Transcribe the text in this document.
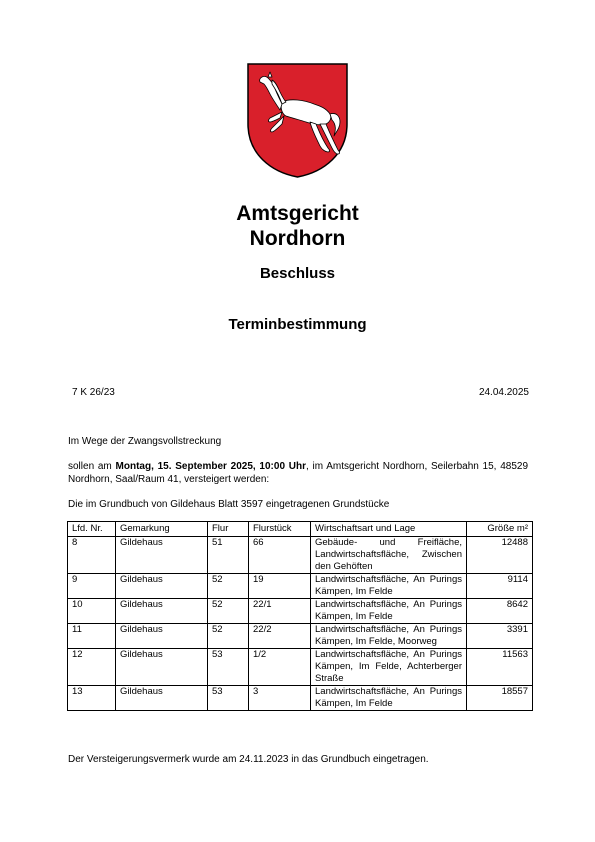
Amtsgericht
Nordhorn
Beschluss
Terminbestimmung
7 K 26/23	24.04.2025
Im Wege der Zwangsvollstreckung
sollen am Montag, 15. September 2025, 10:00 Uhr, im Amtsgericht Nordhorn, Seilerbahn 15, 48529 Nordhorn, Saal/Raum 41, versteigert werden:
Die im Grundbuch von Gildehaus Blatt 3597 eingetragenen Grundstücke
Lfd. Nr.	Gemarkung	Flur	Flurstück	Wirtschaftsart und Lage	Größe m²
8	Gildehaus	51	66	Gebäude- und Freifläche, Landwirtschaftsfläche, Zwischen den Gehöften	12488
9	Gildehaus	52	19	Landwirtschaftsfläche, An Purings Kämpen, Im Felde	9114
10	Gildehaus	52	22/1	Landwirtschaftsfläche, An Purings Kämpen, Im Felde	8642
11	Gildehaus	52	22/2	Landwirtschaftsfläche, An Purings Kämpen, Im Felde, Moorweg	3391
12	Gildehaus	53	1/2	Landwirtschaftsfläche, An Purings Kämpen, Im Felde, Achterberger Straße	11563
13	Gildehaus	53	3	Landwirtschaftsfläche, An Purings Kämpen, Im Felde	18557
Der Versteigerungsvermerk wurde am 24.11.2023 in das Grundbuch eingetragen.
